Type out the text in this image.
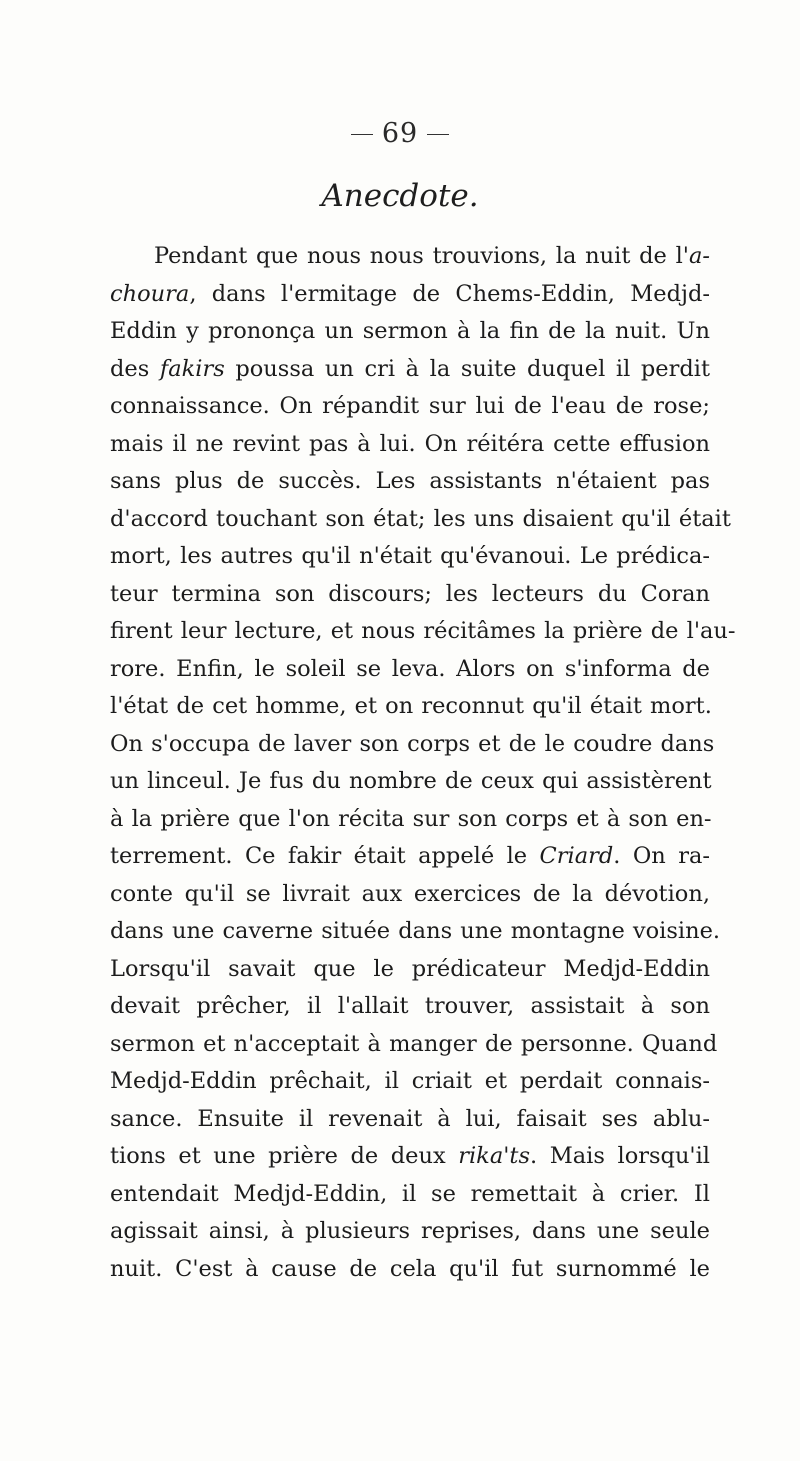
69
Anecdote.
Pendant que nous nous trouvions, la nuit de l'a-
choura, dans l'ermitage de Chems-Eddin, Medjd-
Eddin y prononça un sermon à la fin de la nuit. Un
des fakirs poussa un cri à la suite duquel il perdit
connaissance. On répandit sur lui de l'eau de rose;
mais il ne revint pas à lui. On réitéra cette effusion
sans plus de succès. Les assistants n'étaient pas
d'accord touchant son état; les uns disaient qu'il était
mort, les autres qu'il n'était qu'évanoui. Le prédica-
teur termina son discours; les lecteurs du Coran
firent leur lecture, et nous récitâmes la prière de l'au-
rore. Enfin, le soleil se leva. Alors on s'informa de
l'état de cet homme, et on reconnut qu'il était mort.
On s'occupa de laver son corps et de le coudre dans
un linceul. Je fus du nombre de ceux qui assistèrent
à la prière que l'on récita sur son corps et à son en-
terrement. Ce fakir était appelé le Criard. On ra-
conte qu'il se livrait aux exercices de la dévotion,
dans une caverne située dans une montagne voisine.
Lorsqu'il savait que le prédicateur Medjd-Eddin
devait prêcher, il l'allait trouver, assistait à son
sermon et n'acceptait à manger de personne. Quand
Medjd-Eddin prêchait, il criait et perdait connais-
sance. Ensuite il revenait à lui, faisait ses ablu-
tions et une prière de deux rika'ts. Mais lorsqu'il
entendait Medjd-Eddin, il se remettait à crier. Il
agissait ainsi, à plusieurs reprises, dans une seule
nuit. C'est à cause de cela qu'il fut surnommé le
